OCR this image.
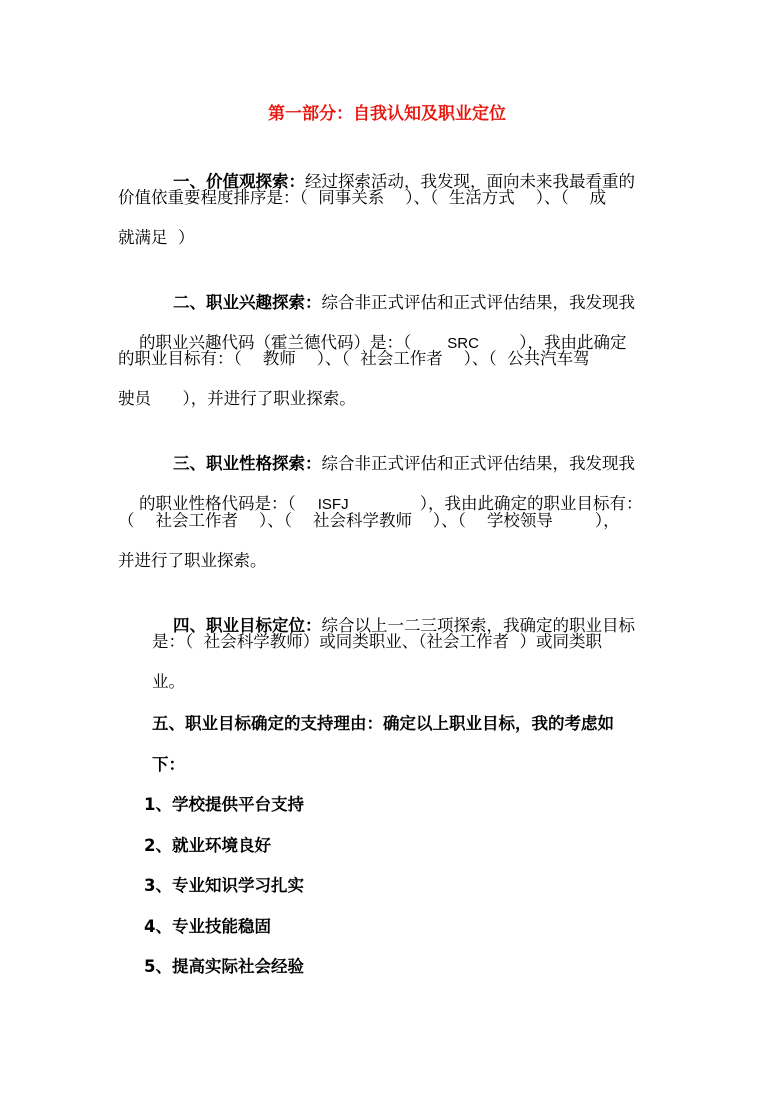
第一部分：自我认知及职业定位

一、价值观探索：经过探索活动，我发现，面向未来我最看重的

价值依重要程度排序是：（  同事关系    ）、（  生活方式    ）、（    成
就满足  ）

二、职业兴趣探索：综合非正式评估和正式评估结果，我发现我

的职业兴趣代码（霍兰德代码）是：（ SRC ），我由此确定

的职业目标有：（    教师    ）、（  社会工作者    ）、（  公共汽车驾
驶员      ），并进行了职业探索。

三、职业性格探索：综合非正式评估和正式评估结果，我发现我

的职业性格代码是：（ ISFJ	），我由此确定的职业目标有：

（    社会工作者    ）、（    社会科学教师    ）、（    学校领导        ），
并进行了职业探索。

四、职业目标定位：综合以上一二三项探索，我确定的职业目标

是：（  社会科学教师）或同类职业、（社会工作者  ）或同类职
业。
五、职业目标确定的支持理由：确定以上职业目标，我的考虑如
下：
1、学校提供平台支持
2、就业环境良好
3、专业知识学习扎实
4、专业技能稳固
5、提高实际社会经验
